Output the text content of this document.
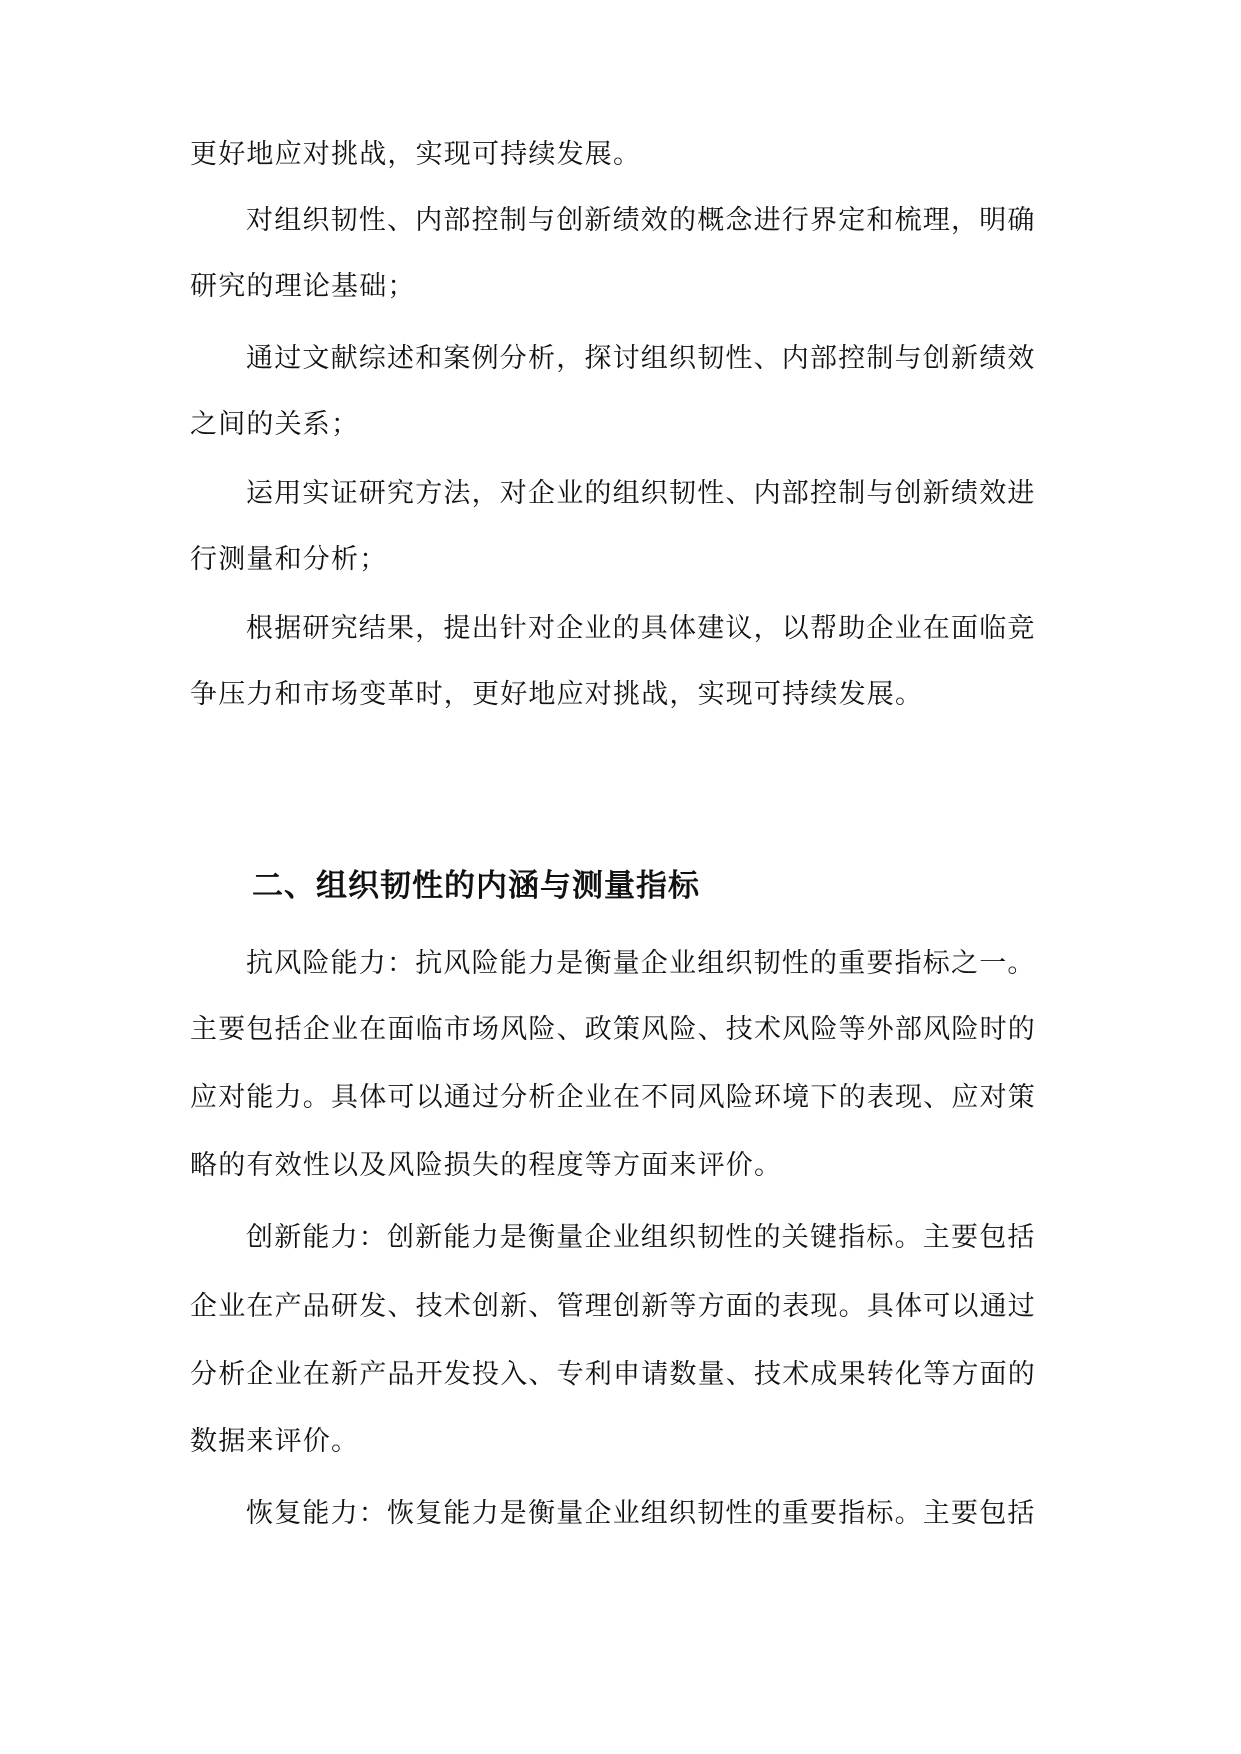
更好地应对挑战，实现可持续发展。

对组织韧性、内部控制与创新绩效的概念进行界定和梳理，明确

研究的理论基础；

通过文献综述和案例分析，探讨组织韧性、内部控制与创新绩效

之间的关系；

运用实证研究方法，对企业的组织韧性、内部控制与创新绩效进

行测量和分析；

根据研究结果，提出针对企业的具体建议，以帮助企业在面临竞

争压力和市场变革时，更好地应对挑战，实现可持续发展。

二、组织韧性的内涵与测量指标

抗风险能力：抗风险能力是衡量企业组织韧性的重要指标之一。

主要包括企业在面临市场风险、政策风险、技术风险等外部风险时的

应对能力。具体可以通过分析企业在不同风险环境下的表现、应对策

略的有效性以及风险损失的程度等方面来评价。

创新能力：创新能力是衡量企业组织韧性的关键指标。主要包括

企业在产品研发、技术创新、管理创新等方面的表现。具体可以通过

分析企业在新产品开发投入、专利申请数量、技术成果转化等方面的

数据来评价。

恢复能力：恢复能力是衡量企业组织韧性的重要指标。主要包括
